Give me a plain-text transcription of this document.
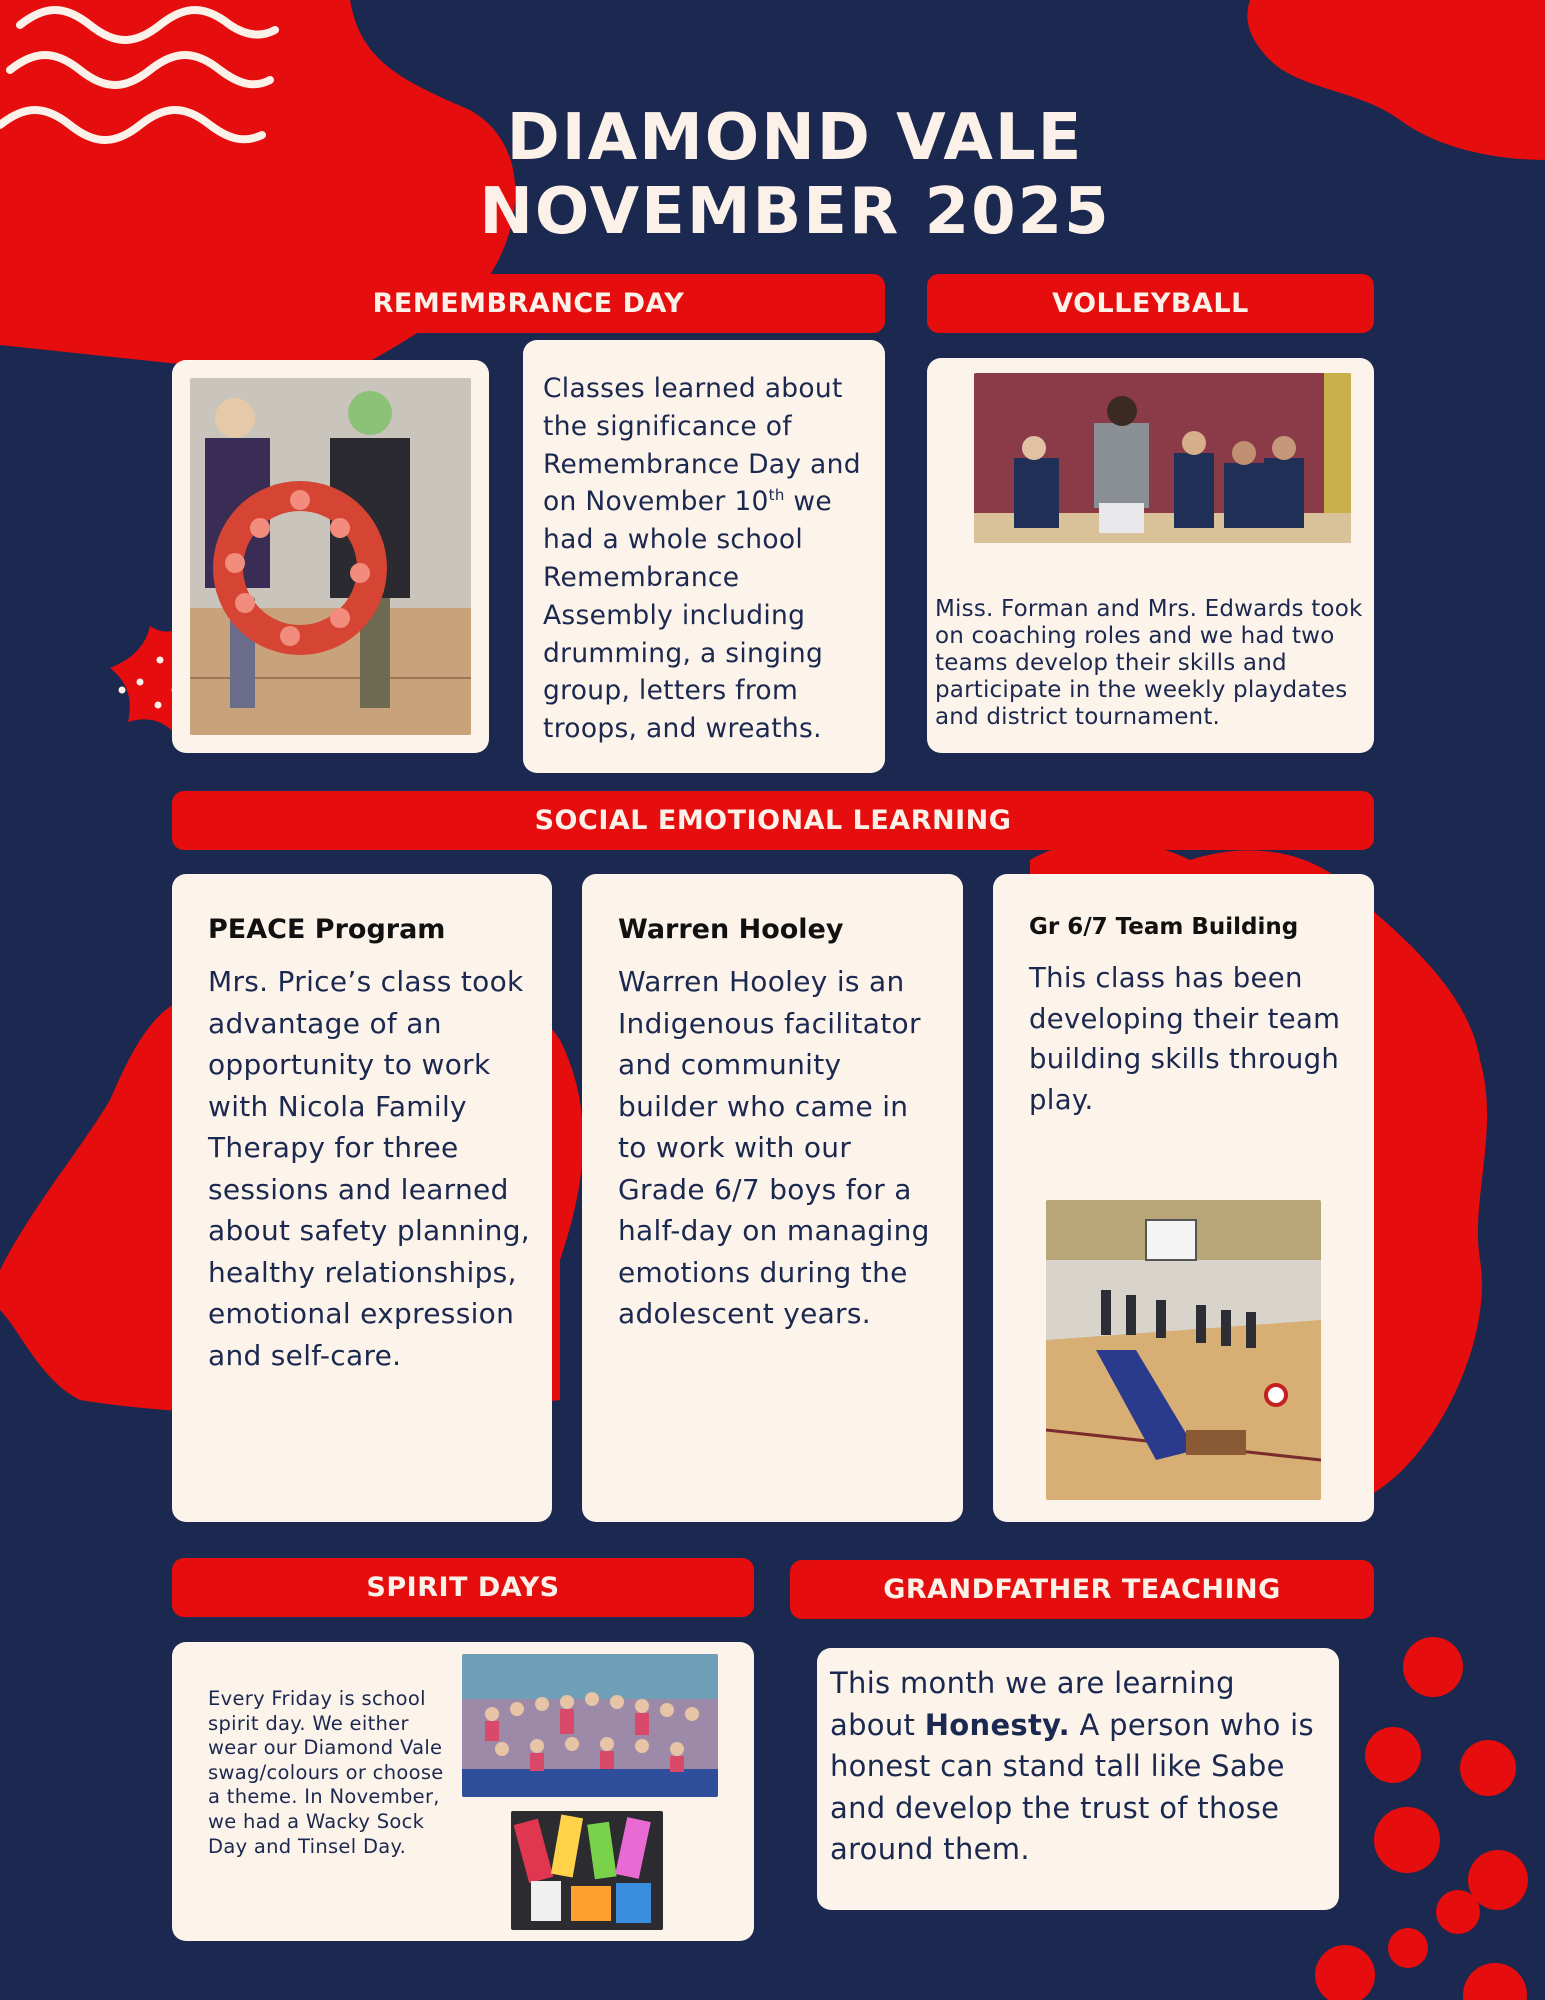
DIAMOND VALE
NOVEMBER 2025
REMEMBRANCE DAY
Classes learned about the significance of Remembrance Day and on November 10th we had a whole school Remembrance Assembly including drumming, a singing group, letters from troops, and wreaths.
VOLLEYBALL
Miss. Forman and Mrs. Edwards took on coaching roles and we had two teams develop their skills and participate in the weekly playdates and district tournament.
SOCIAL EMOTIONAL LEARNING
PEACE Program
Mrs. Price’s class took advantage of an opportunity to work with Nicola Family Therapy for three sessions and learned about safety planning, healthy relationships, emotional expression and self-care.
Warren Hooley
Warren Hooley is an Indigenous facilitator and community builder who came in to work with our Grade 6/7 boys for a half-day on managing emotions during the adolescent years.
Gr 6/7 Team Building
This class has been developing their team building skills through play.
SPIRIT DAYS
Every Friday is school spirit day. We either wear our Diamond Vale swag/colours or choose a theme. In November, we had a Wacky Sock Day and Tinsel Day.
GRANDFATHER TEACHING
This month we are learning about Honesty. A person who is honest can stand tall like Sabe and develop the trust of those around them.
